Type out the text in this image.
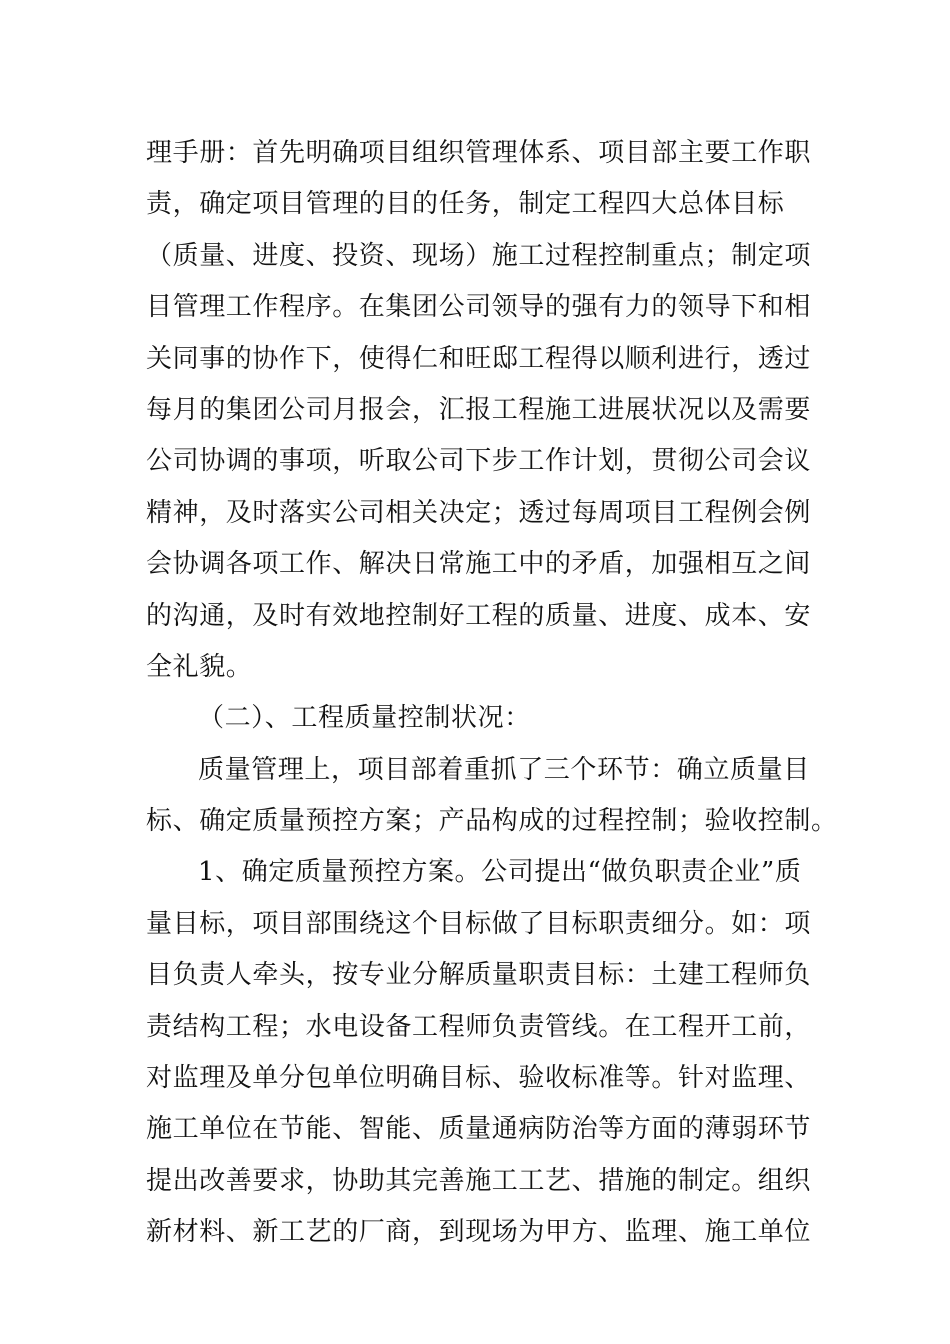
理手册：首先明确项目组织管理体系、项目部主要工作职
责，确定项目管理的目的任务，制定工程四大总体目标
（质量、进度、投资、现场）施工过程控制重点；制定项
目管理工作程序。在集团公司领导的强有力的领导下和相
关同事的协作下，使得仁和旺邸工程得以顺利进行，透过
每月的集团公司月报会，汇报工程施工进展状况以及需要
公司协调的事项，听取公司下步工作计划，贯彻公司会议
精神，及时落实公司相关决定；透过每周项目工程例会例
会协调各项工作、解决日常施工中的矛盾，加强相互之间
的沟通，及时有效地控制好工程的质量、进度、成本、安
全礼貌。
（二）、工程质量控制状况：
质量管理上，项目部着重抓了三个环节：确立质量目
标、确定质量预控方案；产品构成的过程控制；验收控制。
1、确定质量预控方案。公司提出“做负职责企业”质
量目标，项目部围绕这个目标做了目标职责细分。如：项
目负责人牵头，按专业分解质量职责目标：土建工程师负
责结构工程；水电设备工程师负责管线。在工程开工前，
对监理及单分包单位明确目标、验收标准等。针对监理、
施工单位在节能、智能、质量通病防治等方面的薄弱环节
提出改善要求，协助其完善施工工艺、措施的制定。组织
新材料、新工艺的厂商，到现场为甲方、监理、施工单位
